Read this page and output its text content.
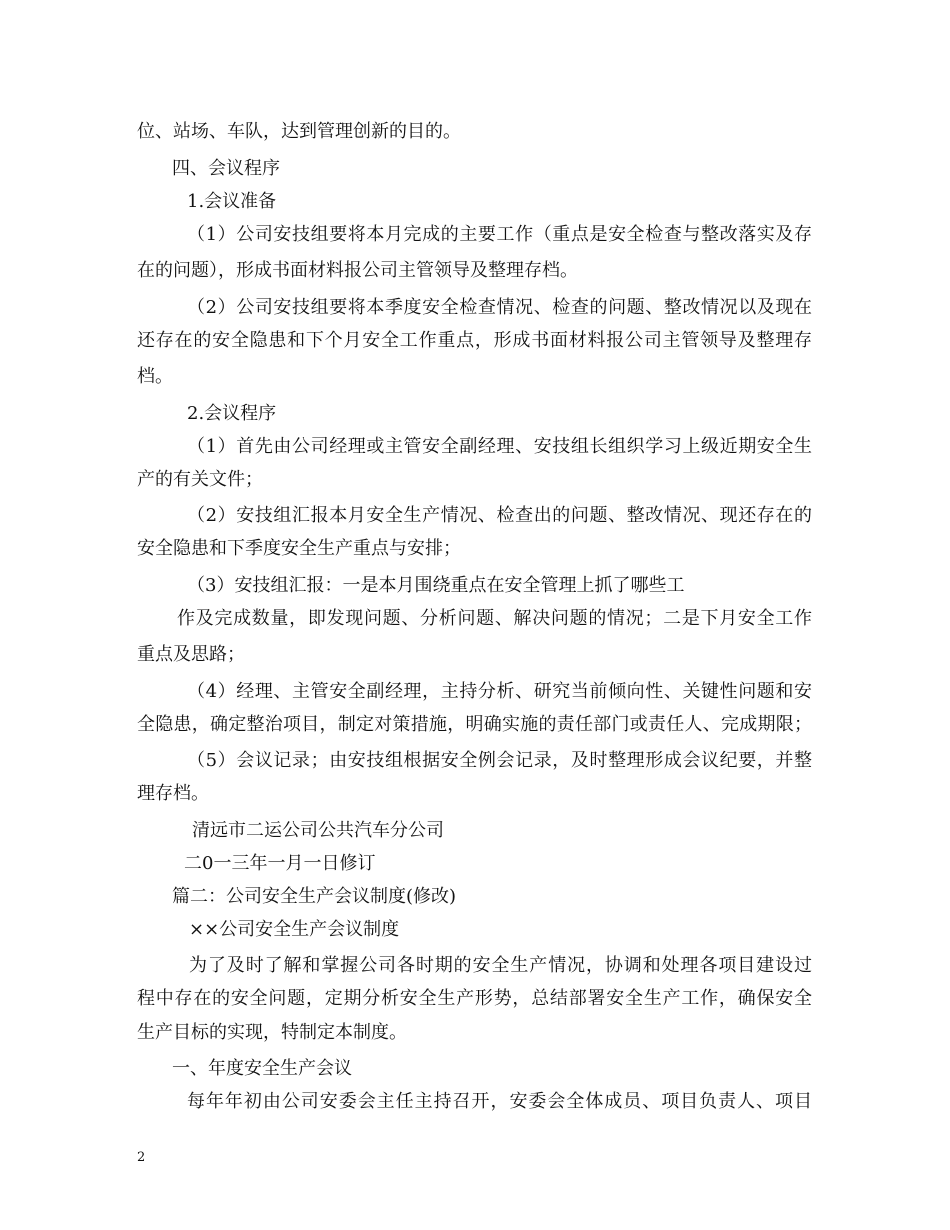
位、站场、车队，达到管理创新的目的。
四、会议程序
1.会议准备
（1）公司安技组要将本月完成的主要工作（重点是安全检查与整改落实及存
在的问题），形成书面材料报公司主管领导及整理存档。
（2）公司安技组要将本季度安全检查情况、检查的问题、整改情况以及现在
还存在的安全隐患和下个月安全工作重点，形成书面材料报公司主管领导及整理存
档。
2.会议程序
（1）首先由公司经理或主管安全副经理、安技组长组织学习上级近期安全生
产的有关文件；
（2）安技组汇报本月安全生产情况、检查出的问题、整改情况、现还存在的
安全隐患和下季度安全生产重点与安排；
（3）安技组汇报：一是本月围绕重点在安全管理上抓了哪些工
作及完成数量，即发现问题、分析问题、解决问题的情况；二是下月安全工作
重点及思路；
（4）经理、主管安全副经理，主持分析、研究当前倾向性、关键性问题和安
全隐患，确定整治项目，制定对策措施，明确实施的责任部门或责任人、完成期限；
（5）会议记录；由安技组根据安全例会记录，及时整理形成会议纪要，并整
理存档。
清远市二运公司公共汽车分公司
二0一三年一月一日修订
篇二：公司安全生产会议制度(修改)
××公司安全生产会议制度
为了及时了解和掌握公司各时期的安全生产情况，协调和处理各项目建设过
程中存在的安全问题，定期分析安全生产形势，总结部署安全生产工作，确保安全
生产目标的实现，特制定本制度。
一、年度安全生产会议
每年年初由公司安委会主任主持召开，安委会全体成员、项目负责人、项目
2
